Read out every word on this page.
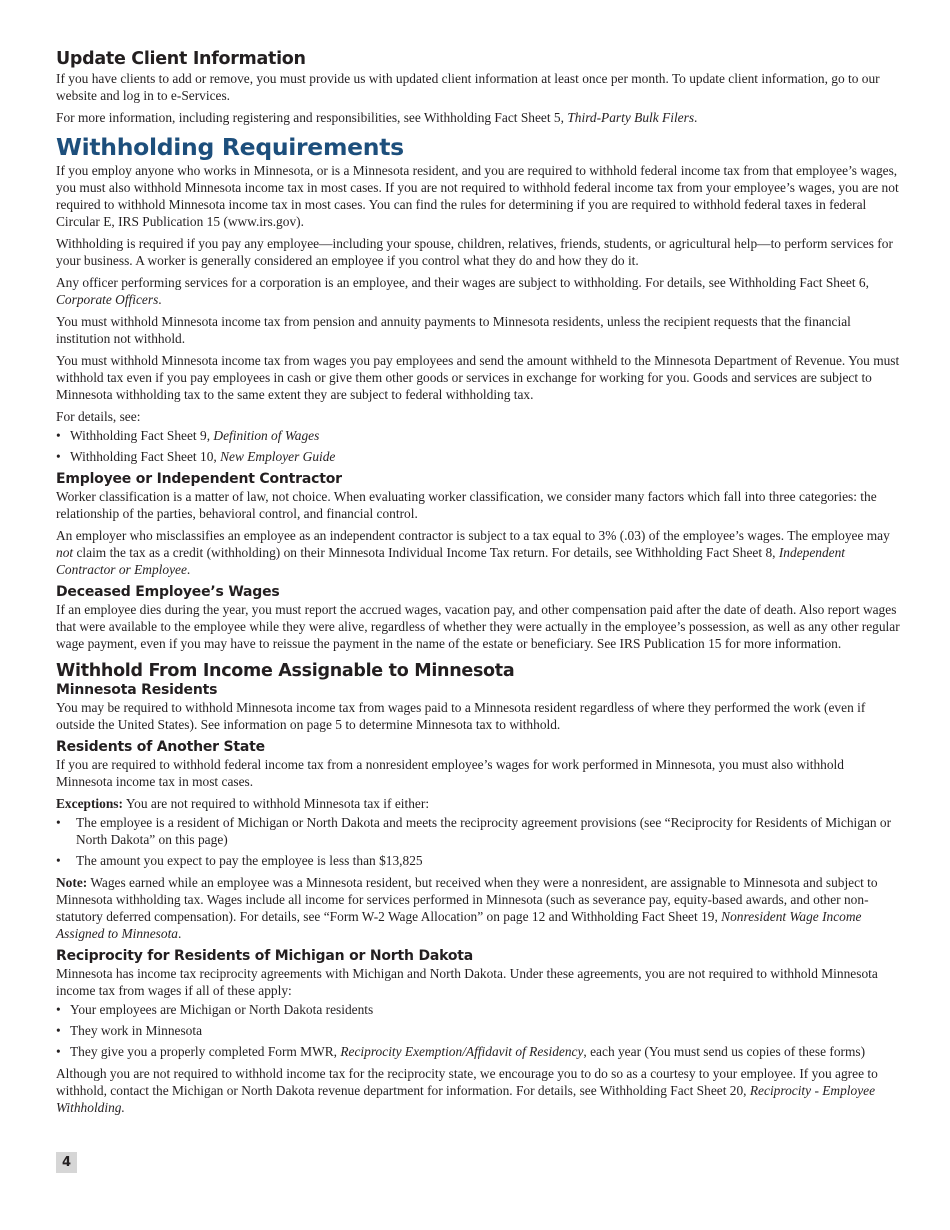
Update Client Information

If you have clients to add or remove, you must provide us with updated client information at least once per month. To update client information, go to our website and log in to e-Services.

For more information, including registering and responsibilities, see Withholding Fact Sheet 5, Third-Party Bulk Filers.

Withholding Requirements

If you employ anyone who works in Minnesota, or is a Minnesota resident, and you are required to withhold federal income tax from that employee’s wages, you must also withhold Minnesota income tax in most cases. If you are not required to withhold federal income tax from your employee’s wages, you are not required to withhold Minnesota income tax in most cases. You can find the rules for determining if you are required to withhold federal taxes in federal Circular E, IRS Publication 15 (www.irs.gov).

Withholding is required if you pay any employee—including your spouse, children, relatives, friends, students, or agricultural help—to perform services for your business. A worker is generally considered an employee if you control what they do and how they do it.

Any officer performing services for a corporation is an employee, and their wages are subject to withholding. For details, see Withholding Fact Sheet 6, Corporate Officers.

You must withhold Minnesota income tax from pension and annuity payments to Minnesota residents, unless the recipient requests that the financial institution not withhold.

You must withhold Minnesota income tax from wages you pay employees and send the amount withheld to the Minnesota Department of Revenue. You must withhold tax even if you pay employees in cash or give them other goods or services in exchange for working for you. Goods and services are subject to Minnesota withholding tax to the same extent they are subject to federal withholding tax.

For details, see:

• Withholding Fact Sheet 9, Definition of Wages
• Withholding Fact Sheet 10, New Employer Guide
Employee or Independent Contractor

Worker classification is a matter of law, not choice. When evaluating worker classification, we consider many factors which fall into three categories: the relationship of the parties, behavioral control, and financial control.

An employer who misclassifies an employee as an independent contractor is subject to a tax equal to 3% (.03) of the employee’s wages. The employee may not claim the tax as a credit (withholding) on their Minnesota Individual Income Tax return. For details, see Withholding Fact Sheet 8, Independent Contractor or Employee.

Deceased Employee’s Wages

If an employee dies during the year, you must report the accrued wages, vacation pay, and other compensation paid after the date of death. Also report wages that were available to the employee while they were alive, regardless of whether they were actually in the employee’s possession, as well as any other regular wage payment, even if you may have to reissue the payment in the name of the estate or beneficiary. See IRS Publication 15 for more information.

Withhold From Income Assignable to Minnesota
Minnesota Residents

You may be required to withhold Minnesota income tax from wages paid to a Minnesota resident regardless of where they performed the work (even if outside the United States). See information on page 5 to determine Minnesota tax to withhold.

Residents of Another State

If you are required to withhold federal income tax from a nonresident employee’s wages for work performed in Minnesota, you must also withhold Minnesota income tax in most cases.

Exceptions: You are not required to withhold Minnesota tax if either:

• The employee is a resident of Michigan or North Dakota and meets the reciprocity agreement provisions (see “Reciprocity for Residents of Michigan or North Dakota” on this page)
• The amount you expect to pay the employee is less than $13,825

Note: Wages earned while an employee was a Minnesota resident, but received when they were a nonresident, are assignable to Minnesota and subject to Minnesota withholding tax. Wages include all income for services performed in Minnesota (such as severance pay, equity-based awards, and other non-statutory deferred compensation). For details, see “Form W-2 Wage Allocation” on page 12 and Withholding Fact Sheet 19, Nonresident Wage Income Assigned to Minnesota.

Reciprocity for Residents of Michigan or North Dakota

Minnesota has income tax reciprocity agreements with Michigan and North Dakota. Under these agreements, you are not required to withhold Minnesota income tax from wages if all of these apply:

• Your employees are Michigan or North Dakota residents
• They work in Minnesota
• They give you a properly completed Form MWR, Reciprocity Exemption/Affidavit of Residency, each year (You must send us copies of these forms)

Although you are not required to withhold income tax for the reciprocity state, we encourage you to do so as a courtesy to your employee. If you agree to withhold, contact the Michigan or North Dakota revenue department for information. For details, see Withholding Fact Sheet 20, Reciprocity - Employee Withholding.

4
